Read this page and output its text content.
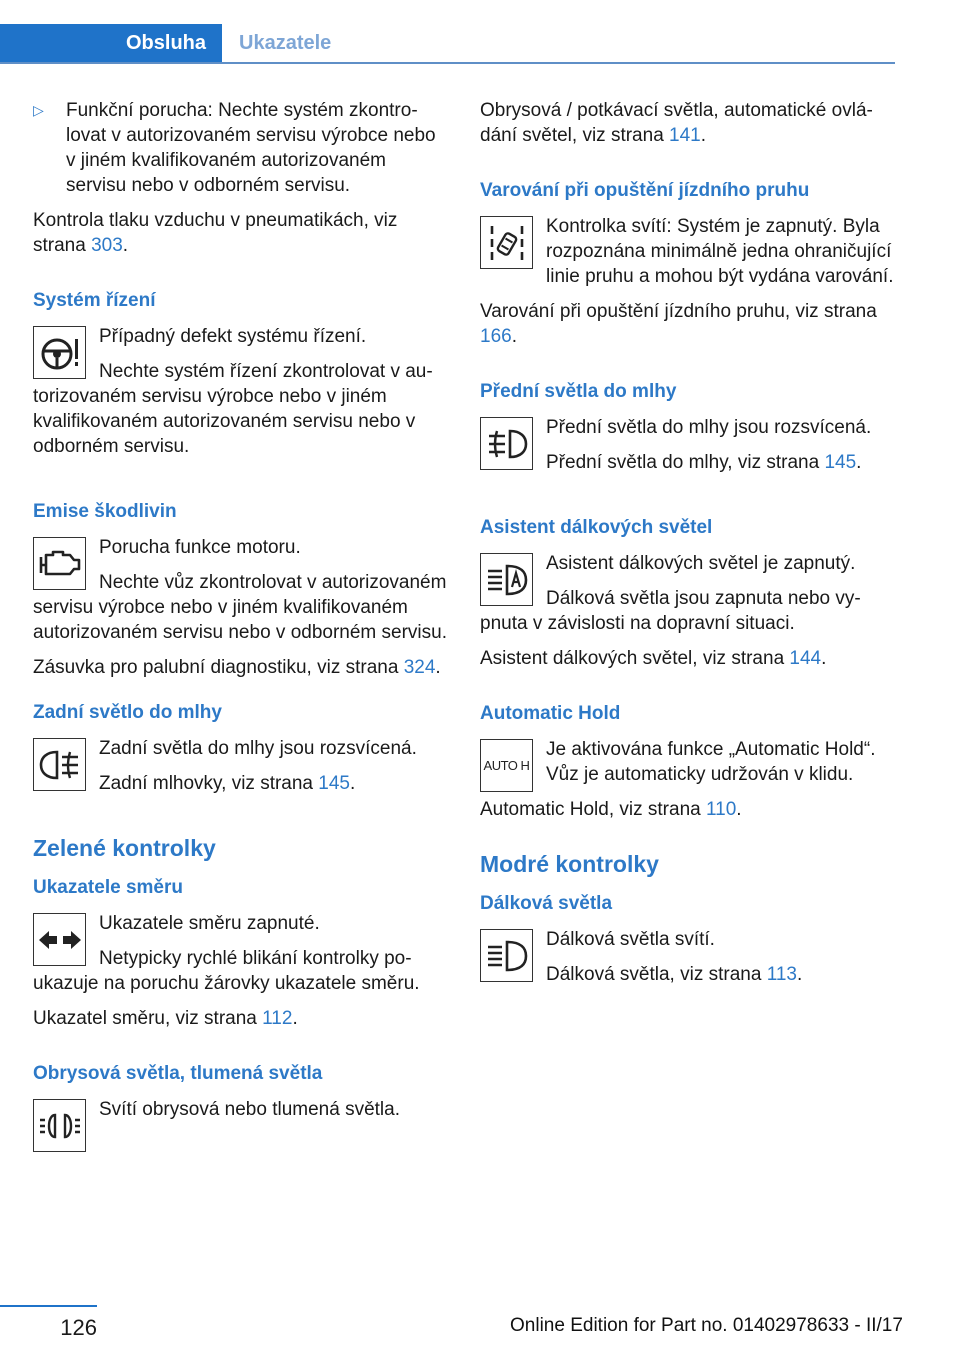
Obsluha	Ukazatele
▷	Funkční porucha: Nechte systém zkontrolovat v autorizovaném servisu výrobce nebo v jiném kvalifikovaném autorizovaném servisu nebo v odborném servisu.

Kontrola tlaku vzduchu v pneumatikách, viz strana 303.

Systém řízení

Případný defekt systému řízení.

Nechte systém řízení zkontrolovat v autorizovaném servisu výrobce nebo v jiném kvalifikovaném autorizovaném servisu nebo v odborném servisu.

Emise škodlivin

Porucha funkce motoru.

Nechte vůz zkontrolovat v autorizovaném servisu výrobce nebo v jiném kvalifikovaném autorizovaném servisu nebo v odborném servisu.

Zásuvka pro palubní diagnostiku, viz strana 324.

Zadní světlo do mlhy

Zadní světla do mlhy jsou rozsvícená.

Zadní mlhovky, viz strana 145.

Zelené kontrolky
Ukazatele směru

Ukazatele směru zapnuté.

Netypicky rychlé blikání kontrolky poukazuje na poruchu žárovky ukazatele směru.

Ukazatel směru, viz strana 112.

Obrysová světla, tlumená světla

Svítí obrysová nebo tlumená světla.

Obrysová / potkávací světla, automatické ovládání světel, viz strana 141.

Varování při opuštění jízdního pruhu

Kontrolka svítí: Systém je zapnutý. Byla rozpoznána minimálně jedna ohraničující linie pruhu a mohou být vydána varování.

Varování při opuštění jízdního pruhu, viz strana 166.

Přední světla do mlhy

Přední světla do mlhy jsou rozsvícená.

Přední světla do mlhy, viz strana 145.

Asistent dálkových světel

Asistent dálkových světel je zapnutý.

Dálková světla jsou zapnuta nebo vypnuta v závislosti na dopravní situaci.

Asistent dálkových světel, viz strana 144.

Automatic Hold
AUTO H

Je aktivována funkce „Automatic Hold“. Vůz je automaticky udržován v klidu.

Automatic Hold, viz strana 110.

Modré kontrolky
Dálková světla

Dálková světla svítí.

Dálková světla, viz strana 113.

126	Online Edition for Part no. 01402978633 - II/17
